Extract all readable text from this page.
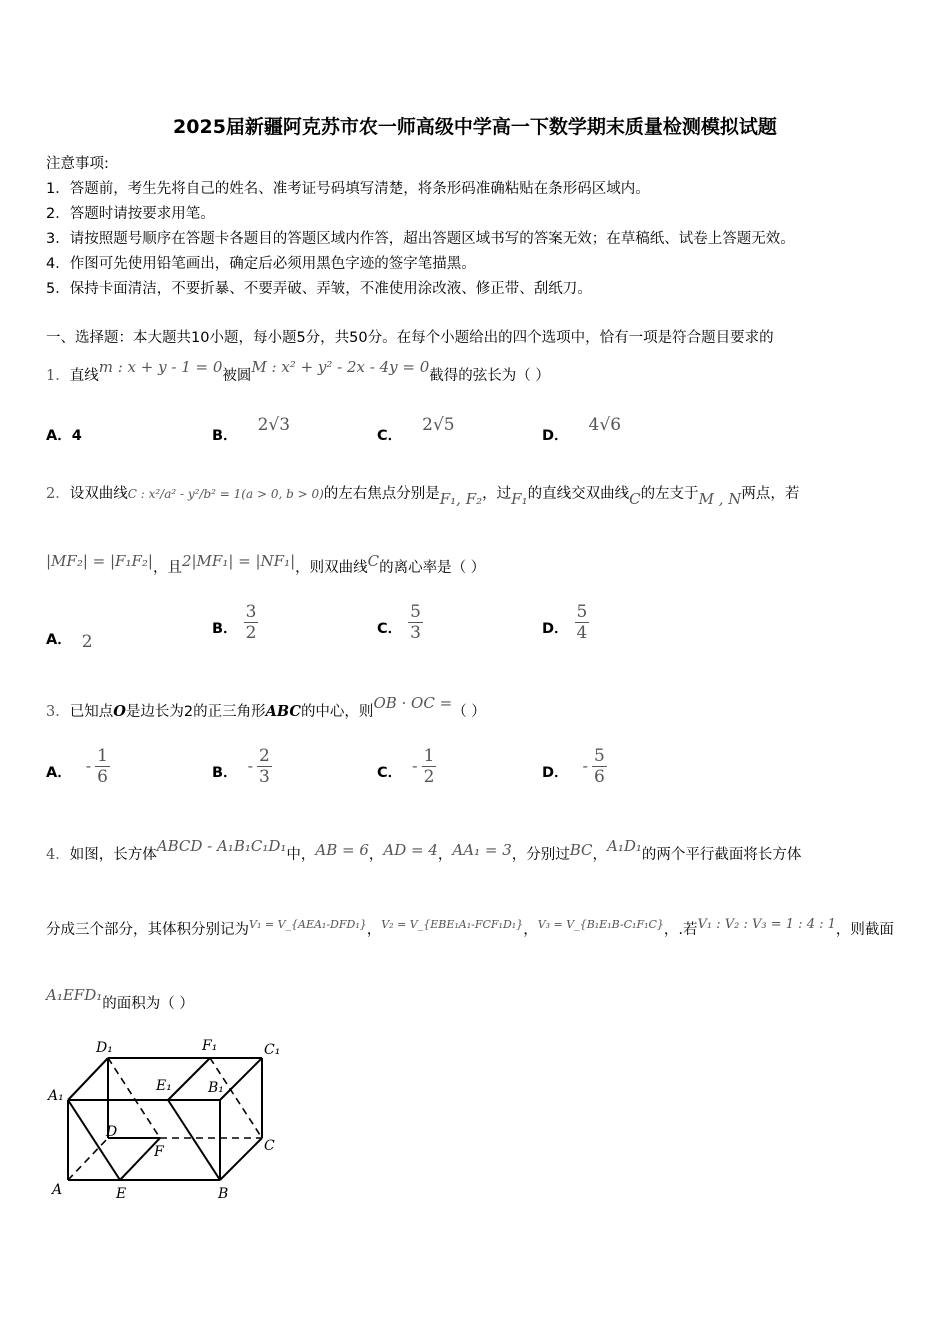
2025届新疆阿克苏市农一师高级中学高一下数学期末质量检测模拟试题
注意事项:
1．答题前，考生先将自己的姓名、准考证号码填写清楚，将条形码准确粘贴在条形码区域内。
2．答题时请按要求用笔。
3．请按照题号顺序在答题卡各题目的答题区域内作答，超出答题区域书写的答案无效；在草稿纸、试卷上答题无效。
4．作图可先使用铅笔画出，确定后必须用黑色字迹的签字笔描黑。
5．保持卡面清洁，不要折暴、不要弄破、弄皱，不准使用涂改液、修正带、刮纸刀。
一、选择题：本大题共10小题，每小题5分，共50分。在每个小题给出的四个选项中，恰有一项是符合题目要求的
1．直线m : x + y - 1 = 0被圆M : x² + y² - 2x - 4y = 0截得的弦长为（ ）
A．4	B．2√3
C．2√5
D．4√6
2．设双曲线C : x²/a² - y²/b² = 1(a > 0, b > 0)的左右焦点分别是F₁, F₂，过F₁的直线交双曲线C的左支于M , N两点，若
|MF₂| = |F₁F₂|，且2|MF₁| = |NF₁|，则双曲线C的离心率是（ ）
A． 2
B． $\frac{3}{2}$	C． $\frac{5}{3}$	D． $\frac{5}{4}$
3．已知点O是边长为2的正三角形ABC的中心，则OB · OC =（ ）
A． - $\frac{1}{6}$	B． - $\frac{2}{3}$	C． - $\frac{1}{2}$	D． - $\frac{5}{6}$
4．如图，长方体ABCD - A₁B₁C₁D₁中，AB = 6，AD = 4，AA₁ = 3，分别过BC，A₁D₁的两个平行截面将长方体
分成三个部分，其体积分别记为$^{V_1 = V\_\{AEA_1-DFD_1\}}$，$^{V_2 = V\_\{EBE_1A_1-FCF_1D_1\}}$，$^{V_3 = V\_\{B_1E_1B-C_1F_1C\}}$，.若V₁ : V₂ : V₃ = 1 : 4 : 1，则截面
A₁EFD₁的面积为（ ）
D₁	F₁	C₁
A₁
E₁	B₁
D
F	C
A	E	B
